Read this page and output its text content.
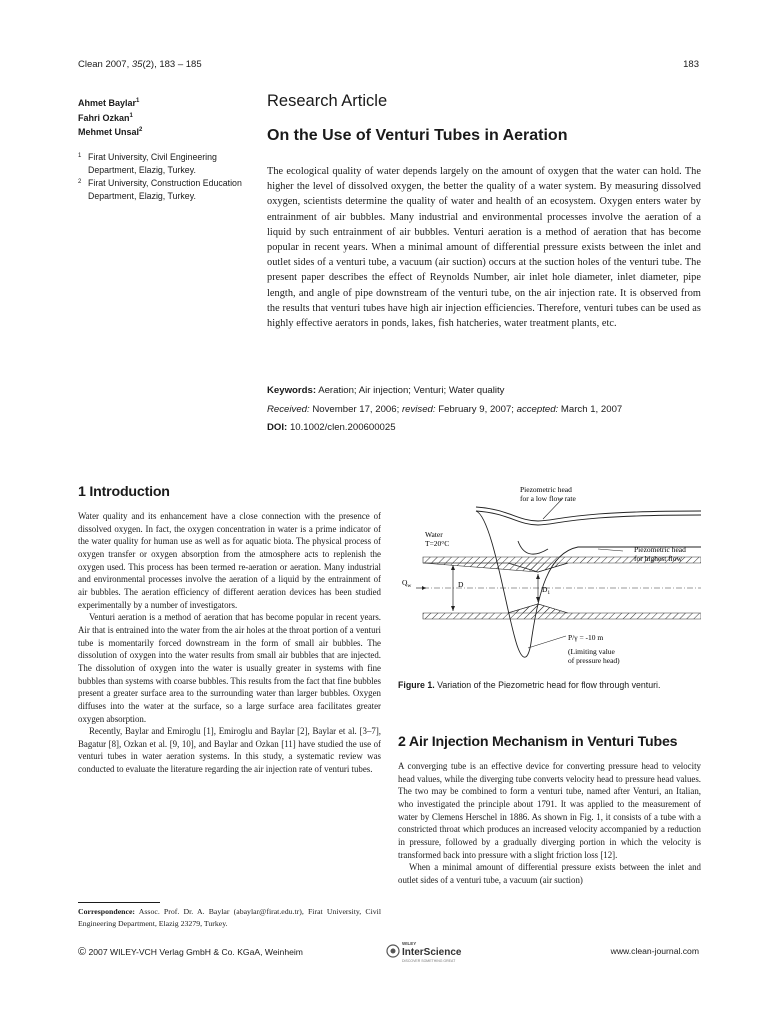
Clean 2007, 35(2), 183 – 185	183
Ahmet Baylar$^1$
Fahri Ozkan$^1$
Mehmet Unsal$^2$
1 Firat University, Civil Engineering Department, Elazig, Turkey.
2 Firat University, Construction Education Department, Elazig, Turkey.
Research Article
On the Use of Venturi Tubes in Aeration
The ecological quality of water depends largely on the amount of oxygen that the water can hold. The higher the level of dissolved oxygen, the better the quality of a water system. By measuring dissolved oxygen, scientists determine the quality of water and health of an ecosystem. Oxygen enters water by entrainment of air bubbles. Many industrial and environmental processes involve the aeration of a liquid by such entrainment of air bubbles. Venturi aeration is a method of aeration that has become popular in recent years. When a minimal amount of differential pressure exists between the inlet and outlet sides of a venturi tube, a vacuum (air suction) occurs at the suction holes of the venturi tube. The present paper describes the effect of Reynolds Number, air inlet hole diameter, inlet diameter, pipe length, and angle of pipe downstream of the venturi tube, on the air injection rate. It is observed from the results that venturi tubes have high air injection efficiencies. Therefore, venturi tubes can be used as highly effective aerators in ponds, lakes, fish hatcheries, water treatment plants, etc.
Keywords: Aeration; Air injection; Venturi; Water quality
Received: November 17, 2006; revised: February 9, 2007; accepted: March 1, 2007
DOI: 10.1002/clen.200600025
1 Introduction

Water quality and its enhancement have a close connection with the presence of dissolved oxygen. In fact, the oxygen concentration in water is a prime indicator of the water quality for human use as well as for aquatic biota. The physical process of oxygen transfer or oxygen absorption from the atmosphere acts to replenish the oxygen used. This process has been termed re-aeration or aeration. Many industrial and environmental processes involve the aeration of a liquid by the entrainment of air bubbles. The aeration efficiency of different aeration devices has been studied experimentally by a number of investigators.

Venturi aeration is a method of aeration that has become popular in recent years. Air that is entrained into the water from the air holes at the throat portion of a venturi tube is momentarily forced downstream in the form of small air bubbles. The dissolution of oxygen into the water results from small air bubbles that are injected. The dissolution of oxygen into the water is usually greater in systems with fine bubbles than systems with coarse bubbles. This results from the fact that fine bubbles present a greater surface area to the surrounding water than larger bubbles. Oxygen diffuses into the water at the surface, so a large surface area facilitates greater oxygen absorption.

Recently, Baylar and Emiroglu [1], Emiroglu and Baylar [2], Baylar et al. [3–7], Bagatur [8], Ozkan et al. [9, 10], and Baylar and Ozkan [11] have studied the use of venturi tubes in water aeration systems. In this study, a systematic review was conducted to evaluate the literature regarding the air injection rate of venturi tubes.

Correspondence: Assoc. Prof. Dr. A. Baylar (abaylar@firat.edu.tr), Firat University, Civil Engineering Department, Elazig 23279, Turkey.
Piezometric head
for a low flow rate
Water
T=20°C
Piezometric head
for highest flow
$Q_w$	D
$D_1$
P/γ = -10 m
(Limiting value
of pressure head)
Figure 1. Variation of the Piezometric head for flow through venturi.
2 Air Injection Mechanism in Venturi Tubes

A converging tube is an effective device for converting pressure head to velocity head values, while the diverging tube converts velocity head to pressure head values. The two may be combined to form a venturi tube, named after Venturi, an Italian, who investigated the principle about 1791. It was applied to the measurement of water by Clemens Herschel in 1886. As shown in Fig. 1, it consists of a tube with a constricted throat which produces an increased velocity accompanied by a reduction in pressure, followed by a gradually diverging portion in which the velocity is transformed back into pressure with a slight friction loss [12].

When a minimal amount of differential pressure exists between the inlet and outlet sides of a venturi tube, a vacuum (air suction)

© 2007 WILEY-VCH Verlag GmbH & Co. KGaA, Weinheim
WILEY
InterScience
DISCOVER SOMETHING GREAT
www.clean-journal.com
